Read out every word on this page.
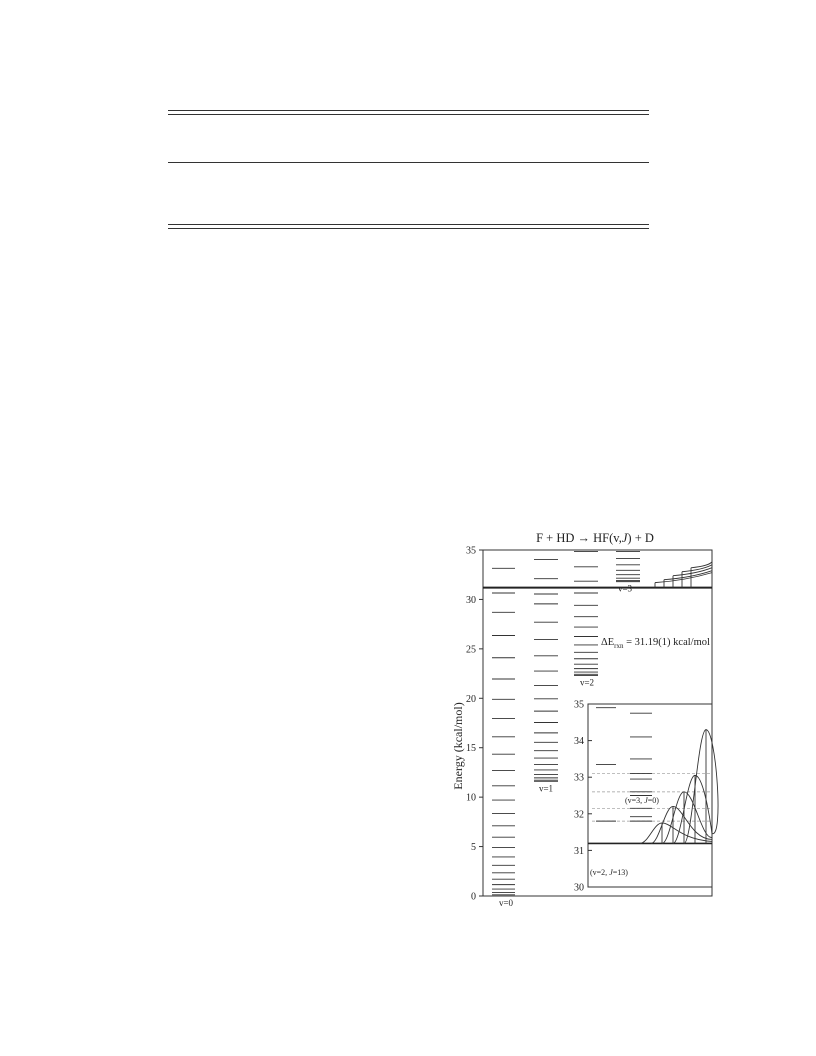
F + HD → HF(v,J) + D
Energy (kcal/mol)
0
5
10
15
20
25
30
35
v=0
v=1
v=2
v=3
$\Delta E_{rxn} = 31.19(1)$ kcal/mol
30
31
32
33
34
35
(v=3, J=0)
(v=2, J=13)
